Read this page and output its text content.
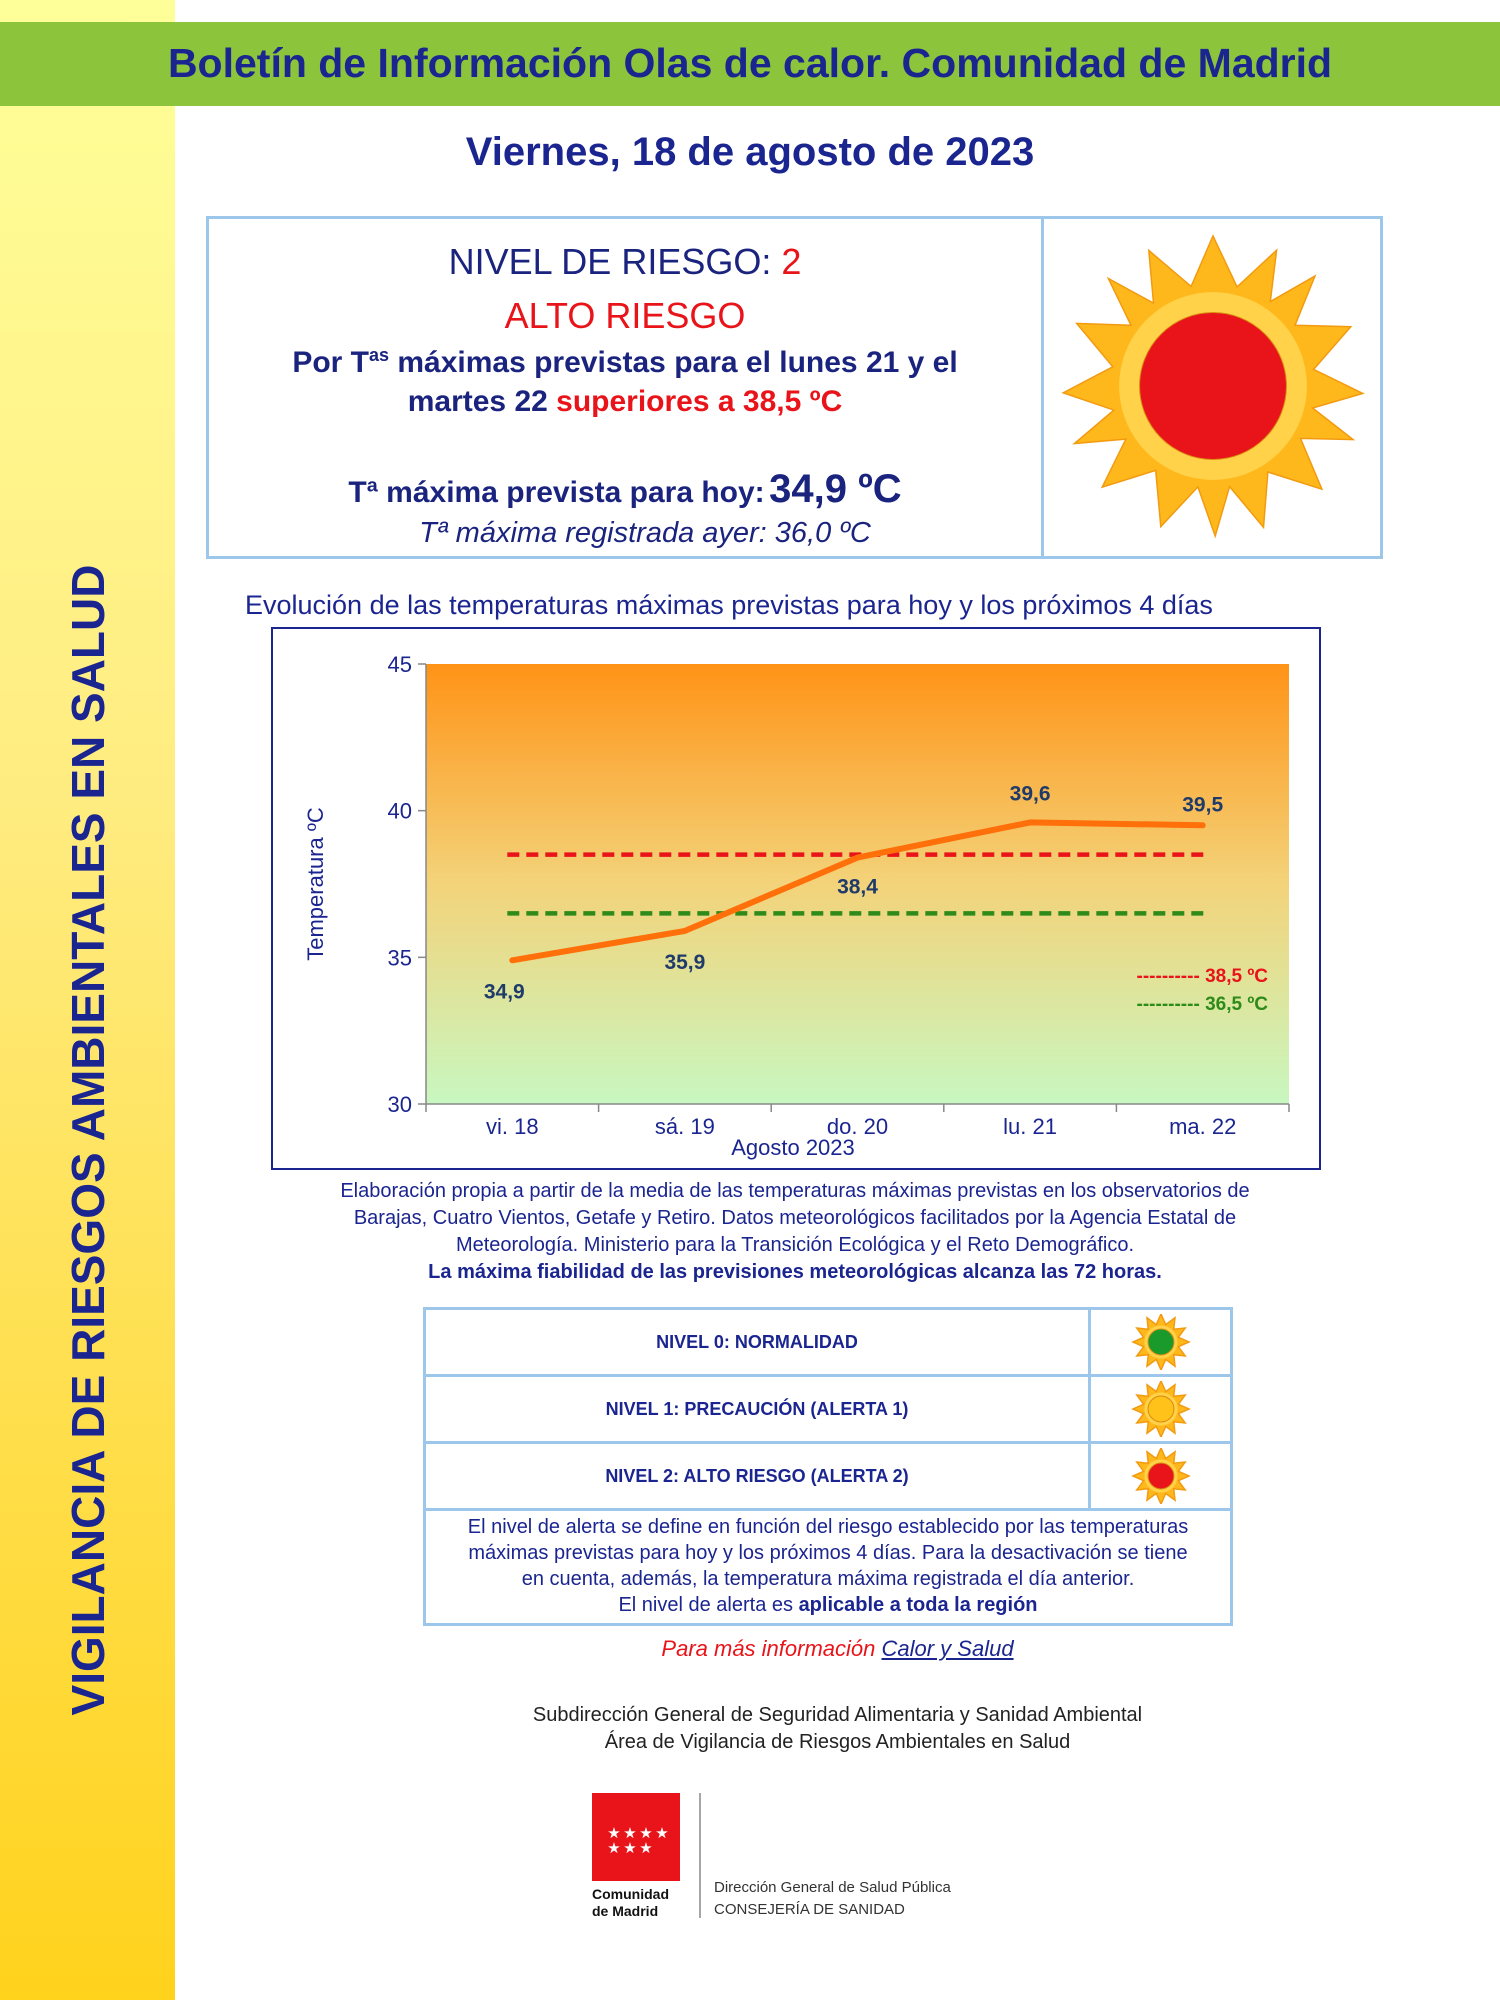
VIGILANCIA DE RIESGOS AMBIENTALES EN SALUD
Boletín de Información Olas de calor. Comunidad de Madrid
Viernes, 18 de agosto de 2023
NIVEL DE RIESGO: 2
ALTO RIESGO
Por $T^{as}$ máximas previstas para el lunes 21 y el
martes 22 superiores a 38,5 ºC
Tª máxima prevista para hoy: 34,9 ºC
Tª máxima registrada ayer: 36,0 ºC
Evolución de las temperaturas máximas previstas para hoy y los próximos 4 días
Temperatura ºC
Agosto 2023
45
40
35
30
vi. 18	sá. 19	do. 20	lu. 21	ma. 22
---------- 38,5 ºC
---------- 36,5 ºC
34,9
35,9
38,4
39,6	39,5
Elaboración propia a partir de la media de las temperaturas máximas previstas en los observatorios de
Barajas, Cuatro Vientos, Getafe y Retiro. Datos meteorológicos facilitados por la Agencia Estatal de
Meteorología. Ministerio para la Transición Ecológica y el Reto Demográfico.
La máxima fiabilidad de las previsiones meteorológicas alcanza las 72 horas.
NIVEL 0: NORMALIDAD
NIVEL 1: PRECAUCIÓN (ALERTA 1)
NIVEL 2: ALTO RIESGO (ALERTA 2)
El nivel de alerta se define en función del riesgo establecido por las temperaturas
máximas previstas para hoy y los próximos 4 días. Para la desactivación se tiene
en cuenta, además, la temperatura máxima registrada el día anterior.
El nivel de alerta es aplicable a toda la región
Para más información Calor y Salud
Subdirección General de Seguridad Alimentaria y Sanidad Ambiental
Área de Vigilancia de Riesgos Ambientales en Salud
★ ★ ★ ★
★ ★ ★
Comunidad
de Madrid
Dirección General de Salud Pública
CONSEJERÍA DE SANIDAD
